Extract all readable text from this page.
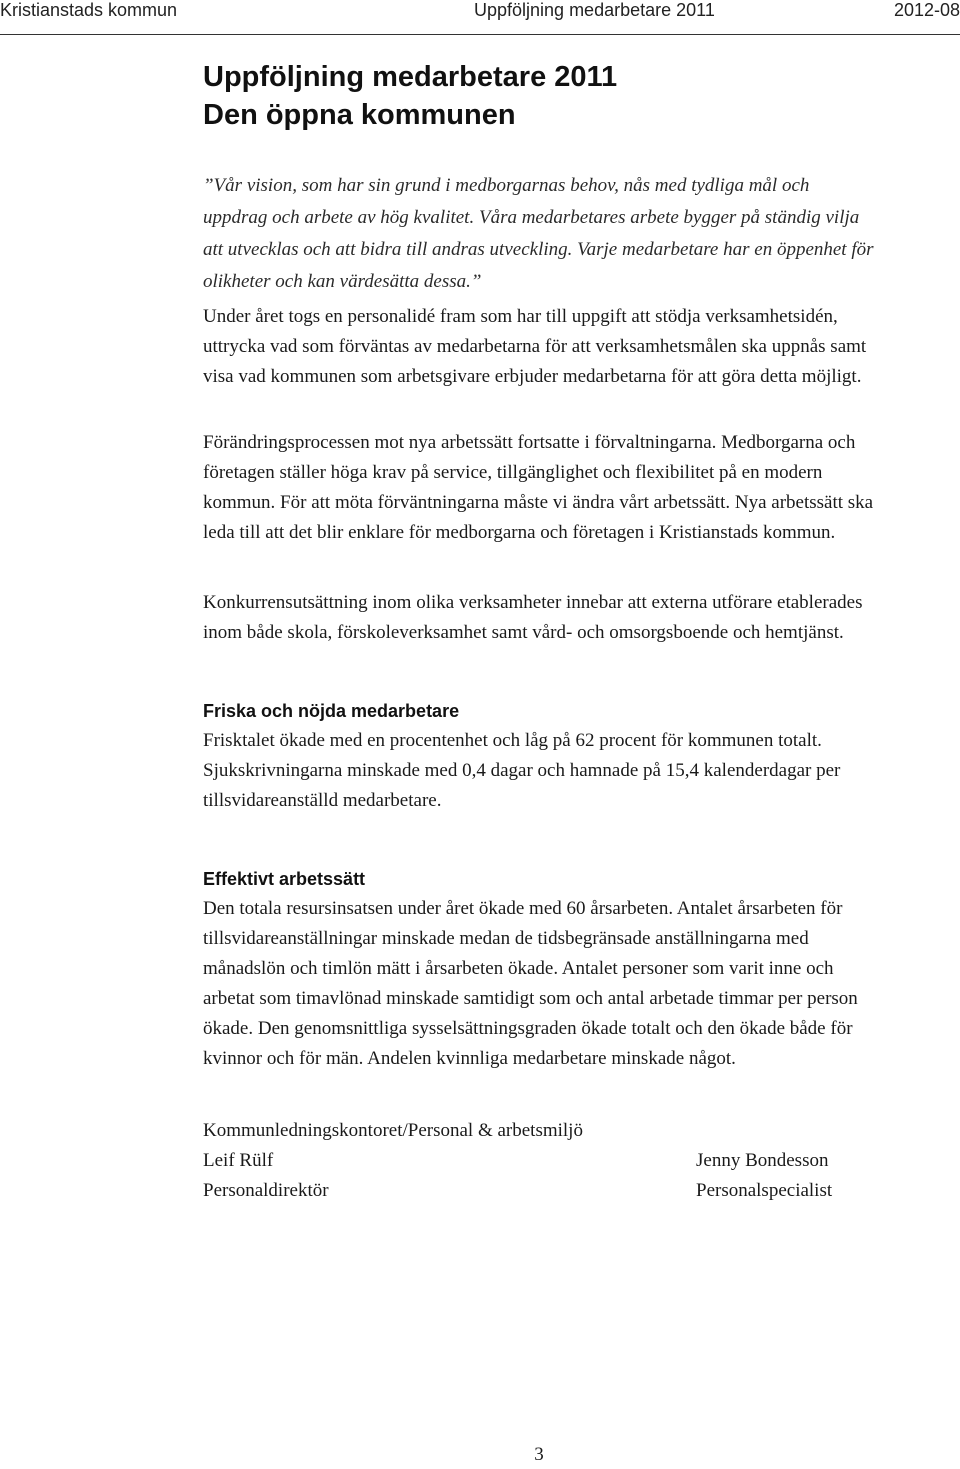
Kristianstads kommun	Uppföljning medarbetare 2011	2012-08
Uppföljning medarbetare 2011
Den öppna kommunen

”Vår vision, som har sin grund i medborgarnas behov, nås med tydliga mål och uppdrag och arbete av hög kvalitet. Våra medarbetares arbete bygger på ständig vilja att utvecklas och att bidra till andras utveckling. Varje medarbetare har en öppenhet för olikheter och kan värdesätta dessa.”

Under året togs en personalidé fram som har till uppgift att stödja verksamhetsidén, uttrycka vad som förväntas av medarbetarna för att verksamhetsmålen ska uppnås samt visa vad kommunen som arbetsgivare erbjuder medarbetarna för att göra detta möjligt.

Förändringsprocessen mot nya arbetssätt fortsatte i förvaltningarna. Medborgarna och företagen ställer höga krav på service, tillgänglighet och flexibilitet på en modern kommun. För att möta förväntningarna måste vi ändra vårt arbetssätt. Nya arbetssätt ska leda till att det blir enklare för medborgarna och företagen i Kristianstads kommun.

Konkurrensutsättning inom olika verksamheter innebar att externa utförare etablerades inom både skola, förskoleverksamhet samt vård- och omsorgsboende och hemtjänst.

Friska och nöjda medarbetare

Frisktalet ökade med en procentenhet och låg på 62 procent för kommunen totalt. Sjukskrivningarna minskade med 0,4 dagar och hamnade på 15,4 kalenderdagar per tillsvidareanställd medarbetare.

Effektivt arbetssätt

Den totala resursinsatsen under året ökade med 60 årsarbeten. Antalet årsarbeten för tillsvidareanställningar minskade medan de tidsbegränsade anställningarna med månadslön och timlön mätt i årsarbeten ökade. Antalet personer som varit inne och arbetat som timavlönad minskade samtidigt som och antal arbetade timmar per person ökade. Den genomsnittliga sysselsättningsgraden ökade totalt och den ökade både för kvinnor och för män. Andelen kvinnliga medarbetare minskade något.

Kommunledningskontoret/Personal & arbetsmiljö
Leif Rülf	Jenny Bondesson
Personaldirektör	Personalspecialist
3
